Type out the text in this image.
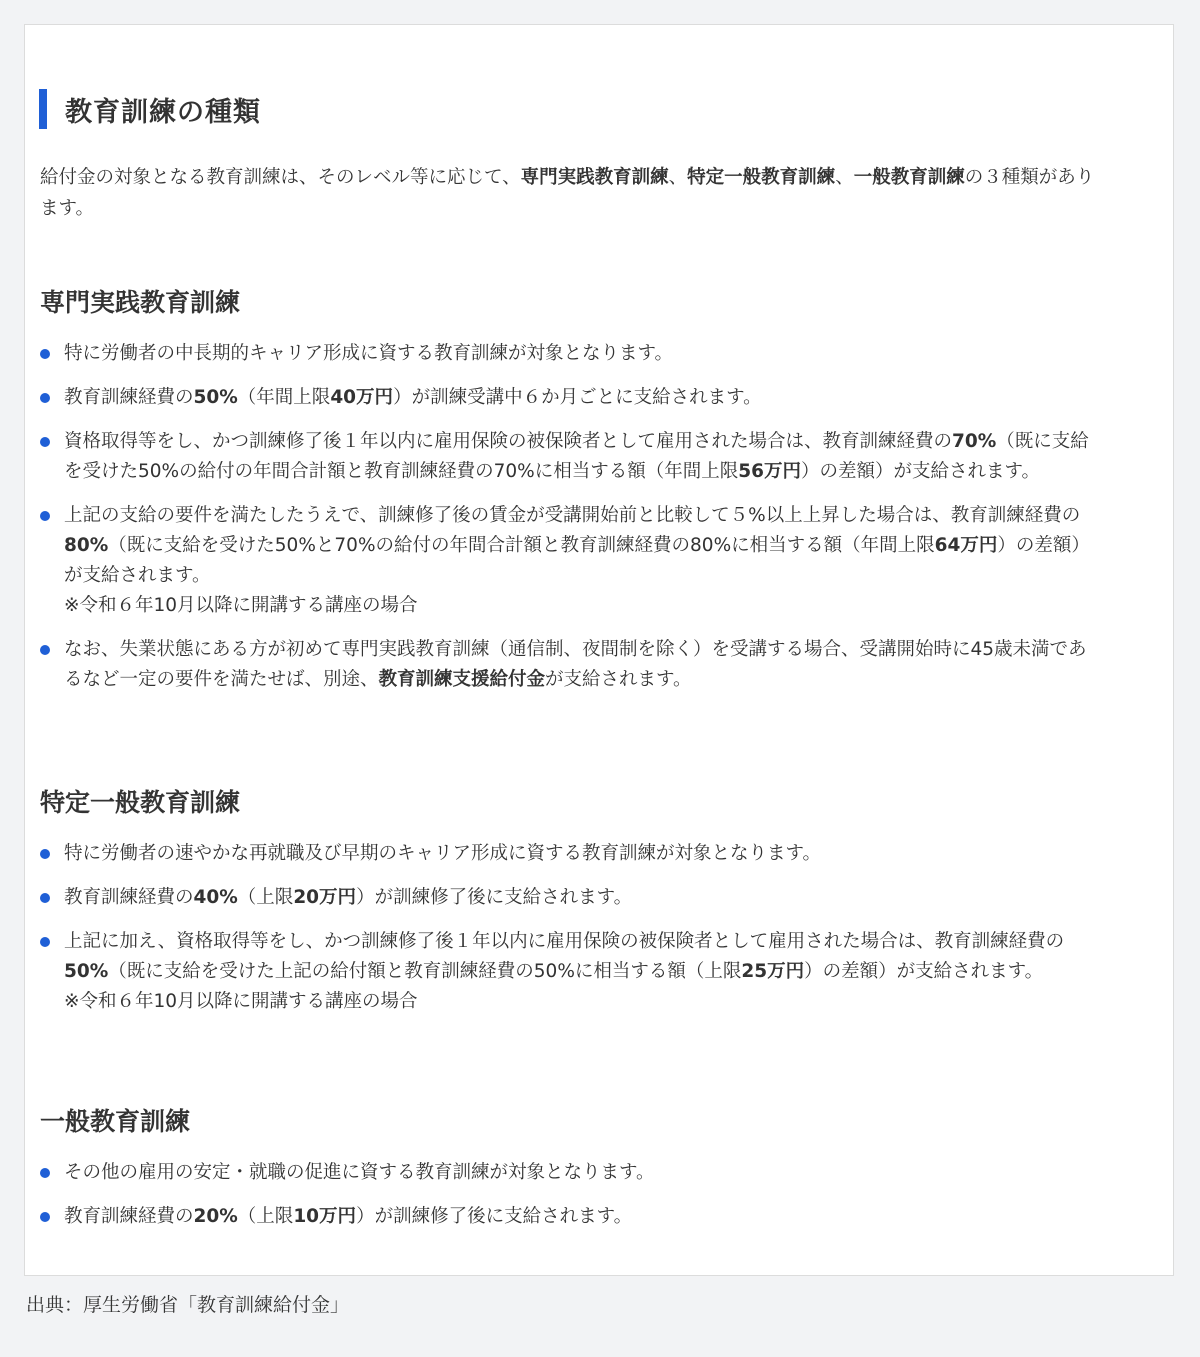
教育訓練の種類

給付金の対象となる教育訓練は、そのレベル等に応じて、専門実践教育訓練、特定一般教育訓練、一般教育訓練の３種類があります。

専門実践教育訓練
特に労働者の中長期的キャリア形成に資する教育訓練が対象となります。
教育訓練経費の50%（年間上限40万円）が訓練受講中６か月ごとに支給されます。
資格取得等をし、かつ訓練修了後１年以内に雇用保険の被保険者として雇用された場合は、教育訓練経費の70%（既に支給を受けた50%の給付の年間合計額と教育訓練経費の70%に相当する額（年間上限56万円）の差額）が支給されます。
上記の支給の要件を満たしたうえで、訓練修了後の賃金が受講開始前と比較して５%以上上昇した場合は、教育訓練経費の80%（既に支給を受けた50%と70%の給付の年間合計額と教育訓練経費の80%に相当する額（年間上限64万円）の差額）が支給されます。
※令和６年10月以降に開講する講座の場合
なお、失業状態にある方が初めて専門実践教育訓練（通信制、夜間制を除く）を受講する場合、受講開始時に45歳未満であるなど一定の要件を満たせば、別途、教育訓練支援給付金が支給されます。
特定一般教育訓練
特に労働者の速やかな再就職及び早期のキャリア形成に資する教育訓練が対象となります。
教育訓練経費の40%（上限20万円）が訓練修了後に支給されます。
上記に加え、資格取得等をし、かつ訓練修了後１年以内に雇用保険の被保険者として雇用された場合は、教育訓練経費の50%（既に支給を受けた上記の給付額と教育訓練経費の50%に相当する額（上限25万円）の差額）が支給されます。
※令和６年10月以降に開講する講座の場合
一般教育訓練
その他の雇用の安定・就職の促進に資する教育訓練が対象となります。
教育訓練経費の20%（上限10万円）が訓練修了後に支給されます。
出典：厚生労働省「教育訓練給付金」
